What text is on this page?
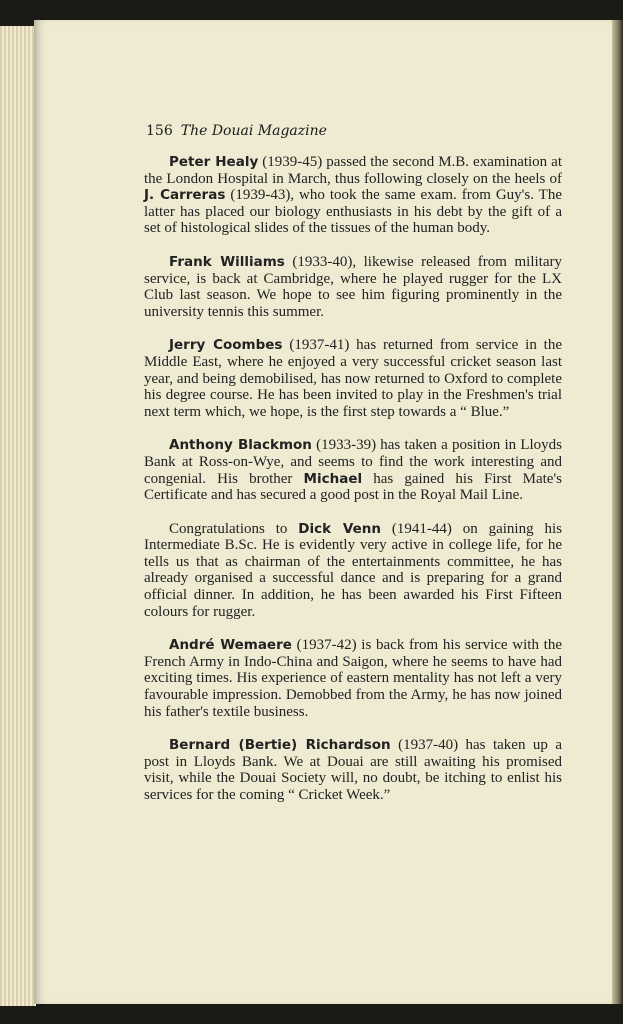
156 The Douai Magazine

Peter Healy (1939-45) passed the second M.B. examination at the London Hospital in March, thus following closely on the heels of J. Carreras (1939-43), who took the same exam. from Guy's. The latter has placed our biology enthusiasts in his debt by the gift of a set of histological slides of the tissues of the human body.

Frank Williams (1933-40), likewise released from military service, is back at Cambridge, where he played rugger for the LX Club last season. We hope to see him figuring prominently in the university tennis this summer.

Jerry Coombes (1937-41) has returned from service in the Middle East, where he enjoyed a very successful cricket season last year, and being demobilised, has now returned to Oxford to complete his degree course. He has been invited to play in the Freshmen's trial next term which, we hope, is the first step towards a “ Blue.”

Anthony Blackmon (1933-39) has taken a position in Lloyds Bank at Ross-on-Wye, and seems to find the work interesting and congenial. His brother Michael has gained his First Mate's Certificate and has secured a good post in the Royal Mail Line.

Congratulations to Dick Venn (1941-44) on gaining his Intermediate B.Sc. He is evidently very active in college life, for he tells us that as chairman of the entertainments committee, he has already organised a successful dance and is preparing for a grand official dinner. In addition, he has been awarded his First Fifteen colours for rugger.

André Wemaere (1937-42) is back from his service with the French Army in Indo-China and Saigon, where he seems to have had exciting times. His experience of eastern mentality has not left a very favourable impression. Demobbed from the Army, he has now joined his father's textile business.

Bernard (Bertie) Richardson (1937-40) has taken up a post in Lloyds Bank. We at Douai are still awaiting his promised visit, while the Douai Society will, no doubt, be itching to enlist his services for the coming “ Cricket Week.”
